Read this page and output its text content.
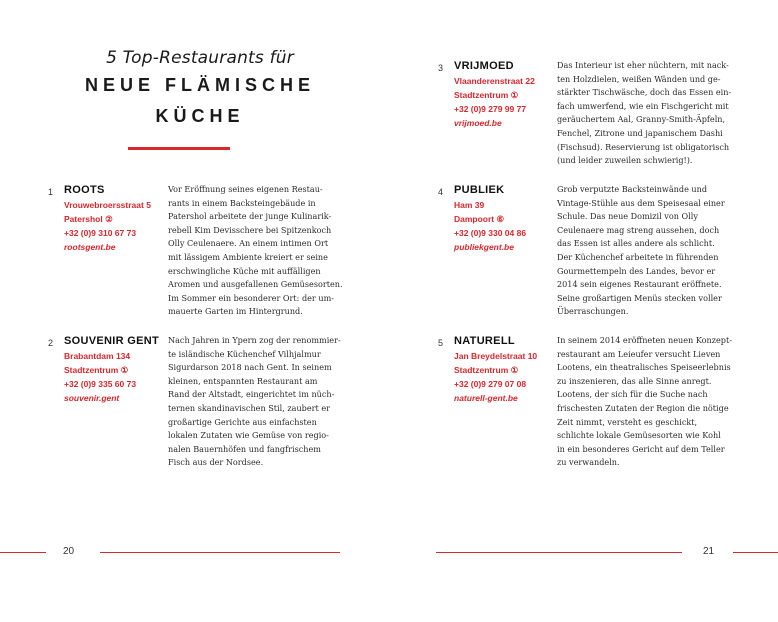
5 Top-Restaurants für
NEUE FLÄMISCHE
KÜCHE
1 ROOTS
Vrouwebroersstraat 5
Patershol ②
+32 (0)9 310 67 73
rootsgent.be
Vor Eröffnung seines eigenen Restau-
rants in einem Backsteingebäude in
Patershol arbeitete der junge Kulinarik-
rebell Kim Devisschere bei Spitzenkoch
Olly Ceulenaere. An einem intimen Ort
mit lässigem Ambiente kreiert er seine
erschwingliche Küche mit auffälligen
Aromen und ausgefallenen Gemüsesorten.
Im Sommer ein besonderer Ort: der um-
mauerte Garten im Hintergrund.
2 SOUVENIR GENT
Brabantdam 134
Stadtzentrum ①
+32 (0)9 335 60 73
souvenir.gent
Nach Jahren in Ypern zog der renommier-
te isländische Küchenchef Vilhjalmur
Sigurdarson 2018 nach Gent. In seinem
kleinen, entspannten Restaurant am
Rand der Altstadt, eingerichtet im nüch-
ternen skandinavischen Stil, zaubert er
großartige Gerichte aus einfachsten
lokalen Zutaten wie Gemüse von regio-
nalen Bauernhöfen und fangfrischem
Fisch aus der Nordsee.
3 VRIJMOED
Vlaanderenstraat 22
Stadtzentrum ①
+32 (0)9 279 99 77
vrijmoed.be
Das Interieur ist eher nüchtern, mit nack-
ten Holzdielen, weißen Wänden und ge-
stärkter Tischwäsche, doch das Essen ein-
fach umwerfend, wie ein Fischgericht mit
geräuchertem Aal, Granny-Smith-Äpfeln,
Fenchel, Zitrone und japanischem Dashi
(Fischsud). Reservierung ist obligatorisch
(und leider zuweilen schwierig!).
4 PUBLIEK
Ham 39
Dampoort ⑥
+32 (0)9 330 04 86
publiekgent.be
Grob verputzte Backsteinwände und
Vintage-Stühle aus dem Speisesaal einer
Schule. Das neue Domizil von Olly
Ceulenaere mag streng aussehen, doch
das Essen ist alles andere als schlicht.
Der Küchenchef arbeitete in führenden
Gourmettempeln des Landes, bevor er
2014 sein eigenes Restaurant eröffnete.
Seine großartigen Menüs stecken voller
Überraschungen.
5 NATURELL
Jan Breydelstraat 10
Stadtzentrum ①
+32 (0)9 279 07 08
naturell-gent.be
In seinem 2014 eröffneten neuen Konzept-
restaurant am Leieufer versucht Lieven
Lootens, ein theatralisches Speiseerlebnis
zu inszenieren, das alle Sinne anregt.
Lootens, der sich für die Suche nach
frischesten Zutaten der Region die nötige
Zeit nimmt, versteht es geschickt,
schlichte lokale Gemüsesorten wie Kohl
in ein besonderes Gericht auf dem Teller
zu verwandeln.
20	21
